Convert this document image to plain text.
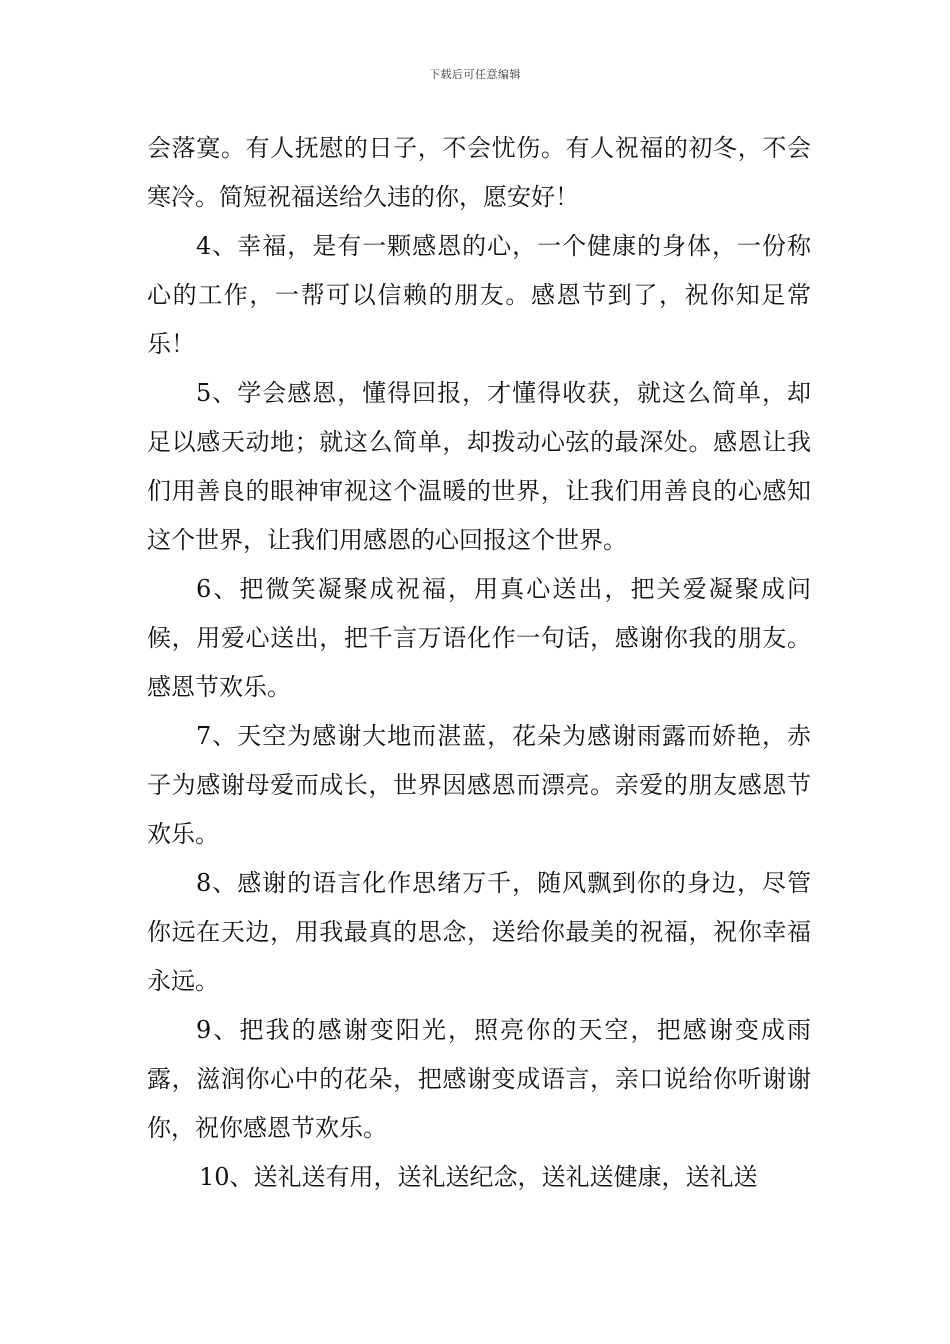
下载后可任意编辑

会落寞。有人抚慰的日子，不会忧伤。有人祝福的初冬，不会寒冷。简短祝福送给久违的你，愿安好！

4、幸福，是有一颗感恩的心，一个健康的身体，一份称心的工作，一帮可以信赖的朋友。感恩节到了，祝你知足常乐！

5、学会感恩，懂得回报，才懂得收获，就这么简单，却足以感天动地；就这么简单，却拨动心弦的最深处。感恩让我们用善良的眼神审视这个温暖的世界，让我们用善良的心感知这个世界，让我们用感恩的心回报这个世界。

6、把微笑凝聚成祝福，用真心送出，把关爱凝聚成问候，用爱心送出，把千言万语化作一句话，感谢你我的朋友。感恩节欢乐。

7、天空为感谢大地而湛蓝，花朵为感谢雨露而娇艳，赤子为感谢母爱而成长，世界因感恩而漂亮。亲爱的朋友感恩节欢乐。

8、感谢的语言化作思绪万千，随风飘到你的身边，尽管你远在天边，用我最真的思念，送给你最美的祝福，祝你幸福永远。

9、把我的感谢变阳光，照亮你的天空，把感谢变成雨露，滋润你心中的花朵，把感谢变成语言，亲口说给你听谢谢你，祝你感恩节欢乐。

10、送礼送有用，送礼送纪念，送礼送健康，送礼送
